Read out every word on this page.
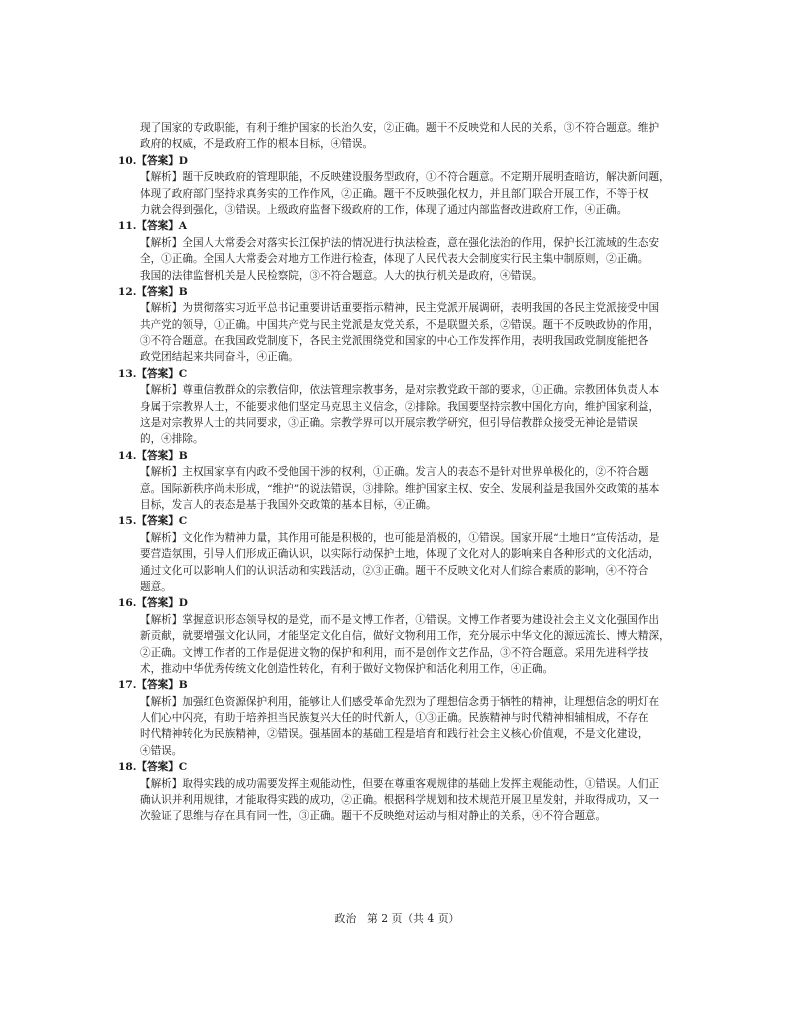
现了国家的专政职能，有利于维护国家的长治久安，②正确。题干不反映党和人民的关系，③不符合题意。维护
政府的权威，不是政府工作的根本目标，④错误。
10.【答案】D
【解析】题干反映政府的管理职能，不反映建设服务型政府，①不符合题意。不定期开展明查暗访，解决新问题，
体现了政府部门坚持求真务实的工作作风，②正确。题干不反映强化权力，并且部门联合开展工作，不等于权
力就会得到强化，③错误。上级政府监督下级政府的工作，体现了通过内部监督改进政府工作，④正确。
11.【答案】A
【解析】全国人大常委会对落实长江保护法的情况进行执法检查，意在强化法治的作用，保护长江流域的生态安
全，①正确。全国人大常委会对地方工作进行检查，体现了人民代表大会制度实行民主集中制原则，②正确。
我国的法律监督机关是人民检察院，③不符合题意。人大的执行机关是政府，④错误。
12.【答案】B
【解析】为贯彻落实习近平总书记重要讲话重要指示精神，民主党派开展调研，表明我国的各民主党派接受中国
共产党的领导，①正确。中国共产党与民主党派是友党关系，不是联盟关系，②错误。题干不反映政协的作用，
③不符合题意。在我国政党制度下，各民主党派围绕党和国家的中心工作发挥作用，表明我国政党制度能把各
政党团结起来共同奋斗，④正确。
13.【答案】C
【解析】尊重信教群众的宗教信仰，依法管理宗教事务，是对宗教党政干部的要求，①正确。宗教团体负责人本
身属于宗教界人士，不能要求他们坚定马克思主义信念，②排除。我国要坚持宗教中国化方向，维护国家利益，
这是对宗教界人士的共同要求，③正确。宗教学界可以开展宗教学研究，但引导信教群众接受无神论是错误
的，④排除。
14.【答案】B
【解析】主权国家享有内政不受他国干涉的权利，①正确。发言人的表态不是针对世界单极化的，②不符合题
意。国际新秩序尚未形成，“维护”的说法错误，③排除。维护国家主权、安全、发展利益是我国外交政策的基本
目标，发言人的表态是基于我国外交政策的基本目标，④正确。
15.【答案】C
【解析】文化作为精神力量，其作用可能是积极的，也可能是消极的，①错误。国家开展“土地日”宣传活动，是
要营造氛围，引导人们形成正确认识，以实际行动保护土地，体现了文化对人的影响来自各种形式的文化活动，
通过文化可以影响人们的认识活动和实践活动，②③正确。题干不反映文化对人们综合素质的影响，④不符合
题意。
16.【答案】D
【解析】掌握意识形态领导权的是党，而不是文博工作者，①错误。文博工作者要为建设社会主义文化强国作出
新贡献，就要增强文化认同，才能坚定文化自信，做好文物利用工作，充分展示中华文化的源远流长、博大精深，
②正确。文博工作者的工作是促进文物的保护和利用，而不是创作文艺作品，③不符合题意。采用先进科学技
术，推动中华优秀传统文化创造性转化，有利于做好文物保护和活化利用工作，④正确。
17.【答案】B
【解析】加强红色资源保护利用，能够让人们感受革命先烈为了理想信念勇于牺牲的精神，让理想信念的明灯在
人们心中闪亮，有助于培养担当民族复兴大任的时代新人，①③正确。民族精神与时代精神相辅相成，不存在
时代精神转化为民族精神，②错误。强基固本的基础工程是培育和践行社会主义核心价值观，不是文化建设，
④错误。
18.【答案】C
【解析】取得实践的成功需要发挥主观能动性，但要在尊重客观规律的基础上发挥主观能动性，①错误。人们正
确认识并利用规律，才能取得实践的成功，②正确。根据科学规划和技术规范开展卫星发射，并取得成功，又一
次验证了思维与存在具有同一性，③正确。题干不反映绝对运动与相对静止的关系，④不符合题意。
政治　第 2 页（共 4 页）
